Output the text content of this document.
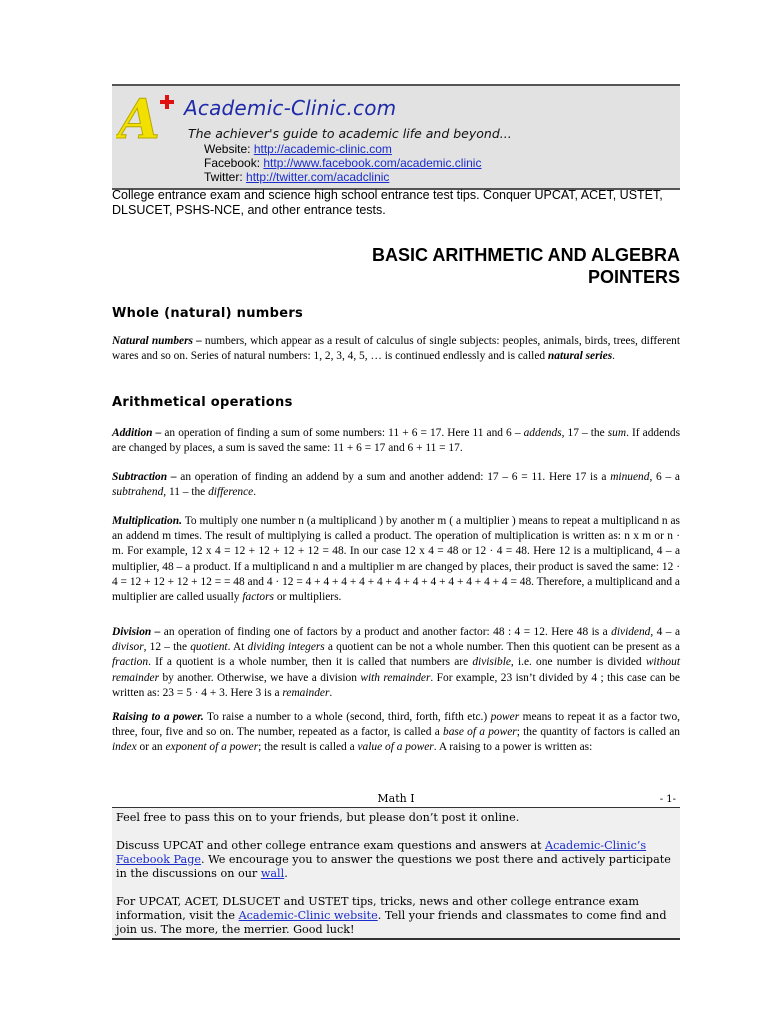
A Academic-Clinic.com
The achiever's guide to academic life and beyond...
Website: http://academic-clinic.com
Facebook: http://www.facebook.com/academic.clinic
Twitter: http://twitter.com/acadclinic
College entrance exam and science high school entrance test tips. Conquer UPCAT, ACET, USTET, DLSUCET, PSHS-NCE, and other entrance tests.
BASIC ARITHMETIC AND ALGEBRA
POINTERS
Whole (natural) numbers
Natural numbers – numbers, which appear as a result of calculus of single subjects: peoples, animals, birds, trees, different wares and so on. Series of natural numbers: 1, 2, 3, 4, 5, … is continued endlessly and is called natural series.
Arithmetical operations
Addition – an operation of finding a sum of some numbers: 11 + 6 = 17. Here 11 and 6 – addends, 17 – the sum. If addends are changed by places, a sum is saved the same: 11 + 6 = 17 and 6 + 11 = 17.
Subtraction – an operation of finding an addend by a sum and another addend: 17 – 6 = 11. Here 17 is a minuend, 6 – a subtrahend, 11 – the difference.
Multiplication. To multiply one number n (a multiplicand ) by another m ( a multiplier ) means to repeat a multiplicand n as an addend m times. The result of multiplying is called a product. The operation of multiplication is written as: n x m or n · m. For example, 12 x 4 = 12 + 12 + 12 + 12 = 48. In our case 12 x 4 = 48 or 12 · 4 = 48. Here 12 is a multiplicand, 4 – a multiplier, 48 – a product. If a multiplicand n and a multiplier m are changed by places, their product is saved the same: 12 · 4 = 12 + 12 + 12 + 12 = = 48 and 4 · 12 = 4 + 4 + 4 + 4 + 4 + 4 + 4 + 4 + 4 + 4 + 4 + 4 = 48. Therefore, a multiplicand and a multiplier are called usually factors or multipliers.
Division – an operation of finding one of factors by a product and another factor: 48 : 4 = 12. Here 48 is a dividend, 4 – a divisor, 12 – the quotient. At dividing integers a quotient can be not a whole number. Then this quotient can be present as a fraction. If a quotient is a whole number, then it is called that numbers are divisible, i.e. one number is divided without remainder by another. Otherwise, we have a division with remainder. For example, 23 isn’t divided by 4 ; this case can be written as: 23 = 5 · 4 + 3. Here 3 is a remainder.
Raising to a power. To raise a number to a whole (second, third, forth, fifth etc.) power means to repeat it as a factor two, three, four, five and so on. The number, repeated as a factor, is called a base of a power; the quantity of factors is called an index or an exponent of a power; the result is called a value of a power. A raising to a power is written as:
Math I	- 1-

Feel free to pass this on to your friends, but please don’t post it online.

Discuss UPCAT and other college entrance exam questions and answers at Academic-Clinic’s Facebook Page. We encourage you to answer the questions we post there and actively participate in the discussions on our wall.

For UPCAT, ACET, DLSUCET and USTET tips, tricks, news and other college entrance exam information, visit the Academic-Clinic website. Tell your friends and classmates to come find and join us. The more, the merrier. Good luck!
